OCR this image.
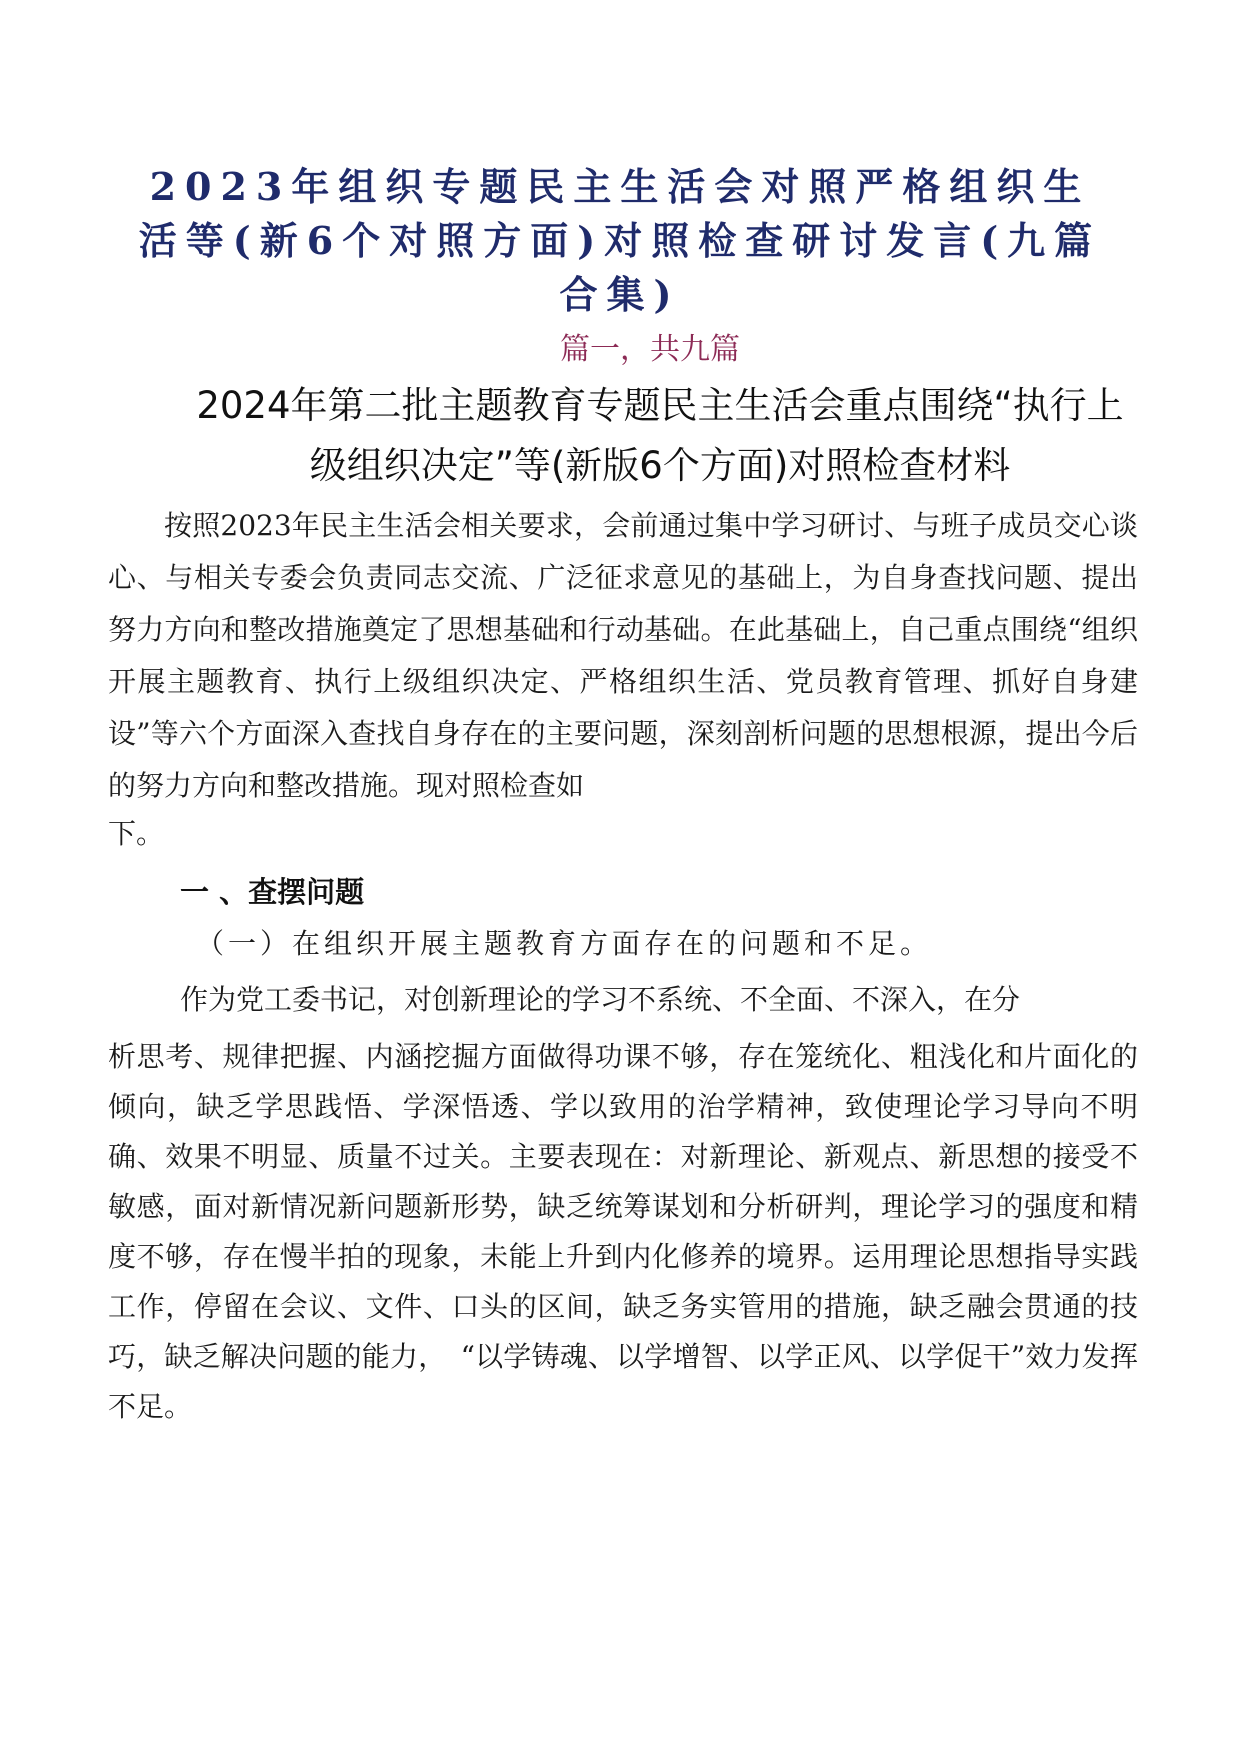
2023年组织专题民主生活会对照严格组织生活等(新6个对照方面)对照检查研讨发言(九篇合集)
篇一，共九篇
2024年第二批主题教育专题民主生活会重点围绕“执行上级组织决定”等(新版6个方面)对照检查材料
按照2023年民主生活会相关要求，会前通过集中学习研讨、与班子成员交心谈心、与相关专委会负责同志交流、广泛征求意见的基础上，为自身查找问题、提出努力方向和整改措施奠定了思想基础和行动基础。在此基础上，自己重点围绕“组织开展主题教育、执行上级组织决定、严格组织生活、党员教育管理、抓好自身建设”等六个方面深入查找自身存在的主要问题，深刻剖析问题的思想根源，提出今后的努力方向和整改措施。现对照检查如
下。
一 、查摆问题
（一）在组织开展主题教育方面存在的问题和不足。
作为党工委书记，对创新理论的学习不系统、不全面、不深入，在分
析思考、规律把握、内涵挖掘方面做得功课不够，存在笼统化、粗浅化和片面化的倾向，缺乏学思践悟、学深悟透、学以致用的治学精神，致使理论学习导向不明确、效果不明显、质量不过关。主要表现在：对新理论、新观点、新思想的接受不敏感，面对新情况新问题新形势，缺乏统筹谋划和分析研判，理论学习的强度和精度不够，存在慢半拍的现象，未能上升到内化修养的境界。运用理论思想指导实践工作，停留在会议、文件、口头的区间，缺乏务实管用的措施，缺乏融会贯通的技巧，缺乏解决问题的能力，　“以学铸魂、以学增智、以学正风、以学促干”效力发挥不足。
